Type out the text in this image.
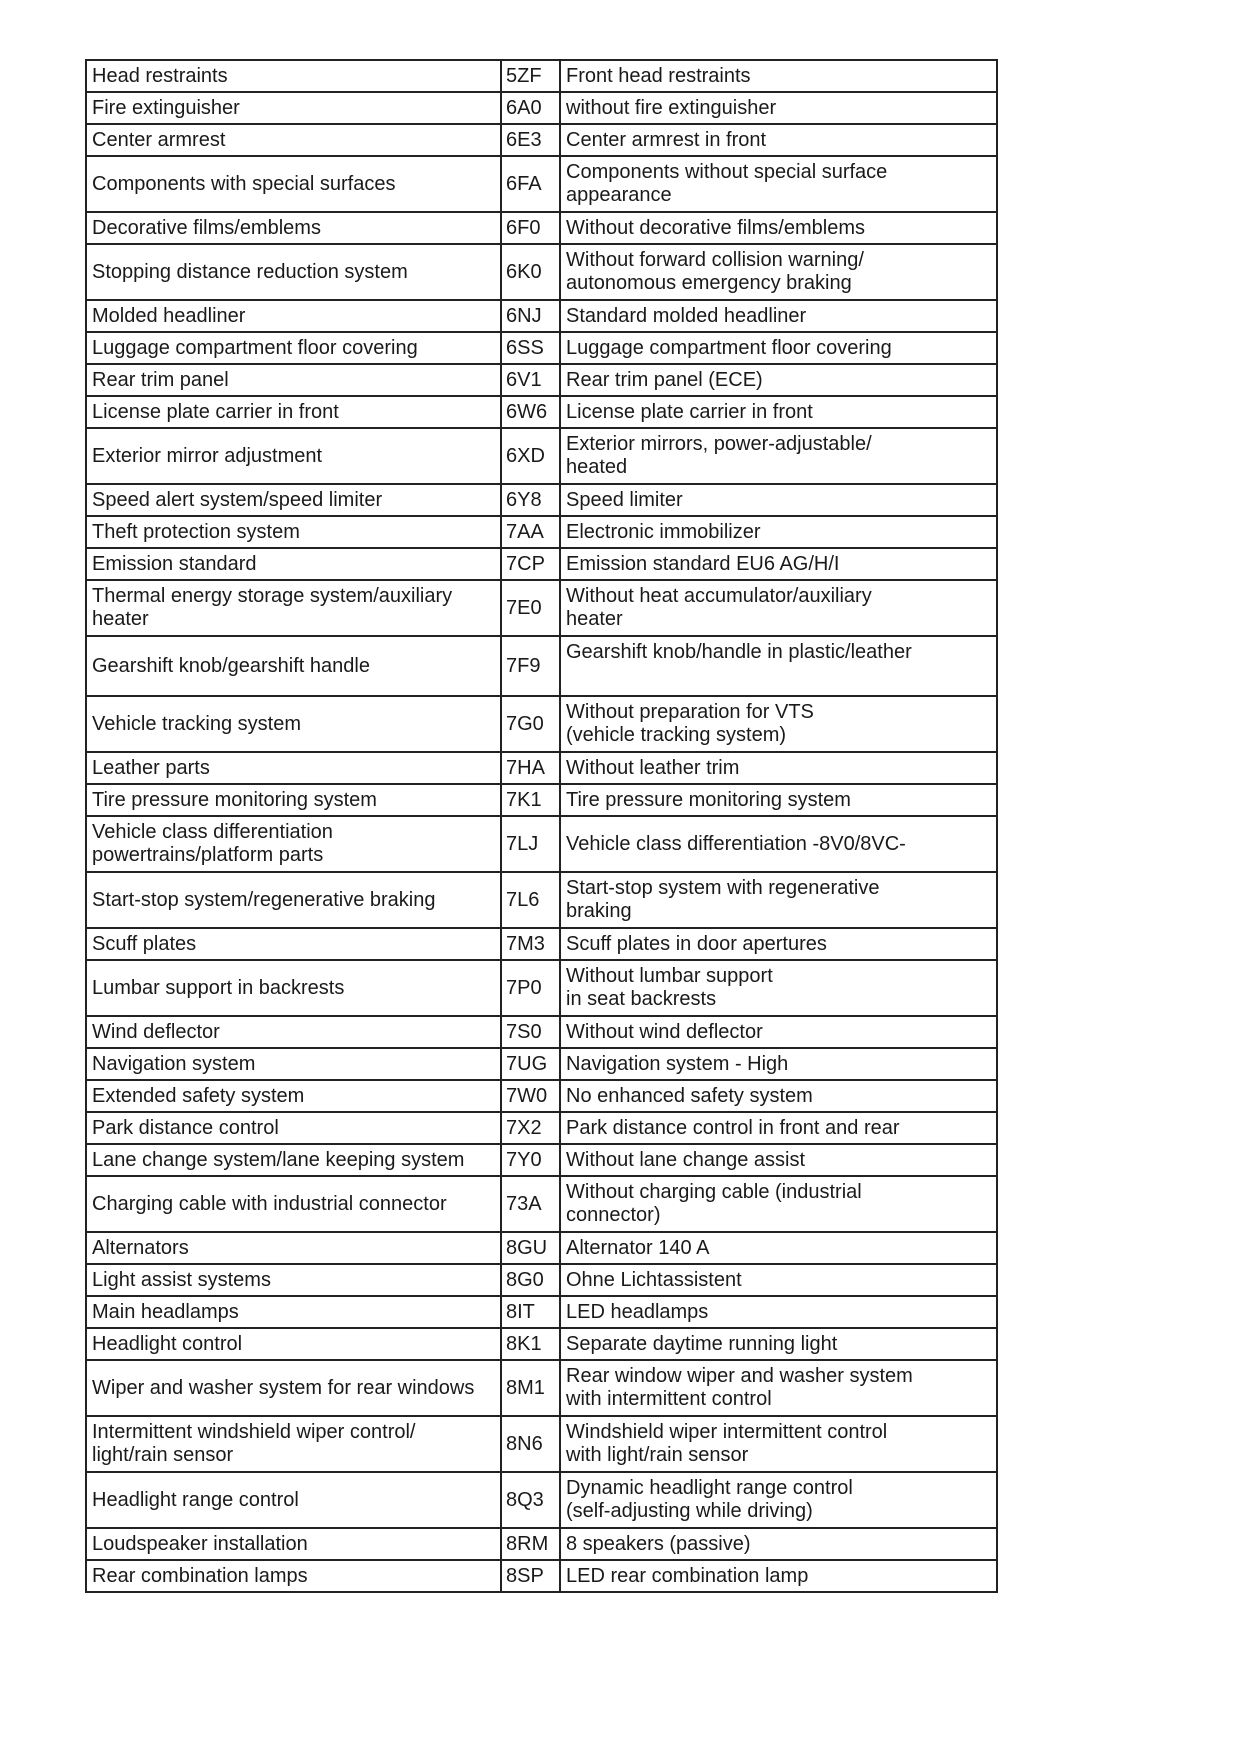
Head restraints	5ZF	Front head restraints
Fire extinguisher	6A0	without fire extinguisher
Center armrest	6E3	Center armrest in front
Components with special surfaces	6FA	Components without special surface
appearance
Decorative films/emblems	6F0	Without decorative films/emblems
Stopping distance reduction system	6K0	Without forward collision warning/
autonomous emergency braking
Molded headliner	6NJ	Standard molded headliner
Luggage compartment floor covering	6SS	Luggage compartment floor covering
Rear trim panel	6V1	Rear trim panel (ECE)
License plate carrier in front	6W6	License plate carrier in front
Exterior mirror adjustment	6XD	Exterior mirrors, power-adjustable/
heated
Speed alert system/speed limiter	6Y8	Speed limiter
Theft protection system	7AA	Electronic immobilizer
Emission standard	7CP	Emission standard EU6 AG/H/I
Thermal energy storage system/auxiliary
heater	7E0	Without heat accumulator/auxiliary
heater
Gearshift knob/gearshift handle	7F9	Gearshift knob/handle in plastic/leather
Vehicle tracking system	7G0	Without preparation for VTS
(vehicle tracking system)
Leather parts	7HA	Without leather trim
Tire pressure monitoring system	7K1	Tire pressure monitoring system
Vehicle class differentiation
powertrains/platform parts	7LJ	Vehicle class differentiation -8V0/8VC-
Start-stop system/regenerative braking	7L6	Start-stop system with regenerative
braking
Scuff plates	7M3	Scuff plates in door apertures
Lumbar support in backrests	7P0	Without lumbar support
in seat backrests
Wind deflector	7S0	Without wind deflector
Navigation system	7UG	Navigation system - High
Extended safety system	7W0	No enhanced safety system
Park distance control	7X2	Park distance control in front and rear
Lane change system/lane keeping system	7Y0	Without lane change assist
Charging cable with industrial connector	73A	Without charging cable (industrial
connector)
Alternators	8GU	Alternator 140 A
Light assist systems	8G0	Ohne Lichtassistent
Main headlamps	8IT	LED headlamps
Headlight control	8K1	Separate daytime running light
Wiper and washer system for rear windows	8M1	Rear window wiper and washer system
with intermittent control
Intermittent windshield wiper control/
light/rain sensor	8N6	Windshield wiper intermittent control
with light/rain sensor
Headlight range control	8Q3	Dynamic headlight range control
(self-adjusting while driving)
Loudspeaker installation	8RM	8 speakers (passive)
Rear combination lamps	8SP	LED rear combination lamp
